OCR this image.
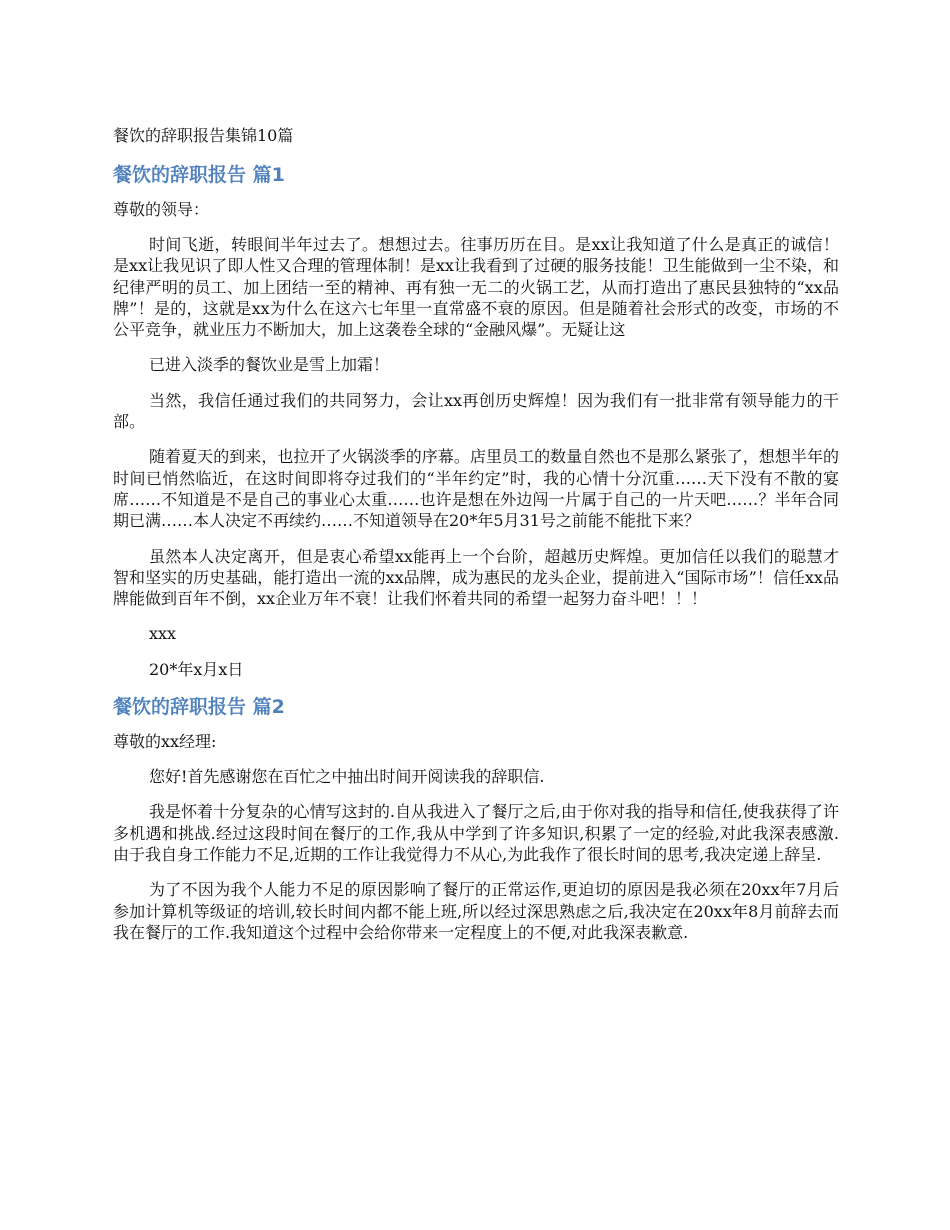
餐饮的辞职报告集锦10篇
餐饮的辞职报告 篇1
尊敬的领导：

时间飞逝，转眼间半年过去了。想想过去。往事历历在目。是xx让我知道了什么是真正的诚信！是xx让我见识了即人性又合理的管理体制！是xx让我看到了过硬的服务技能！卫生能做到一尘不染，和纪律严明的员工、加上团结一至的精神、再有独一无二的火锅工艺，从而打造出了惠民县独特的“xx品牌”！是的，这就是xx为什么在这六七年里一直常盛不衰的原因。但是随着社会形式的改变，市场的不公平竞争，就业压力不断加大，加上这袭卷全球的“金融风爆”。无疑让这

已进入淡季的餐饮业是雪上加霜！

当然，我信任通过我们的共同努力，会让xx再创历史辉煌！因为我们有一批非常有领导能力的干部。

随着夏天的到来，也拉开了火锅淡季的序幕。店里员工的数量自然也不是那么紧张了，想想半年的时间已悄然临近，在这时间即将夺过我们的“半年约定”时，我的心情十分沉重……天下没有不散的宴席……不知道是不是自己的事业心太重……也许是想在外边闯一片属于自己的一片天吧……？半年合同期已满……本人决定不再续约……不知道领导在20*年5月31号之前能不能批下来？

虽然本人决定离开，但是衷心希望xx能再上一个台阶，超越历史辉煌。更加信任以我们的聪慧才智和坚实的历史基础，能打造出一流的xx品牌，成为惠民的龙头企业，提前进入“国际市场”！信任xx品牌能做到百年不倒，xx企业万年不衰！让我们怀着共同的希望一起努力奋斗吧！！！

xxx
20*年x月x日
餐饮的辞职报告 篇2
尊敬的xx经理:

您好!首先感谢您在百忙之中抽出时间开阅读我的辞职信.

我是怀着十分复杂的心情写这封的.自从我进入了餐厅之后,由于你对我的指导和信任,使我获得了许多机遇和挑战.经过这段时间在餐厅的工作,我从中学到了许多知识,积累了一定的经验,对此我深表感激.由于我自身工作能力不足,近期的工作让我觉得力不从心,为此我作了很长时间的思考,我决定递上辞呈.

为了不因为我个人能力不足的原因影响了餐厅的正常运作,更迫切的原因是我必须在20xx年7月后参加计算机等级证的培训,较长时间内都不能上班,所以经过深思熟虑之后,我决定在20xx年8月前辞去而我在餐厅的工作.我知道这个过程中会给你带来一定程度上的不便,对此我深表歉意.
